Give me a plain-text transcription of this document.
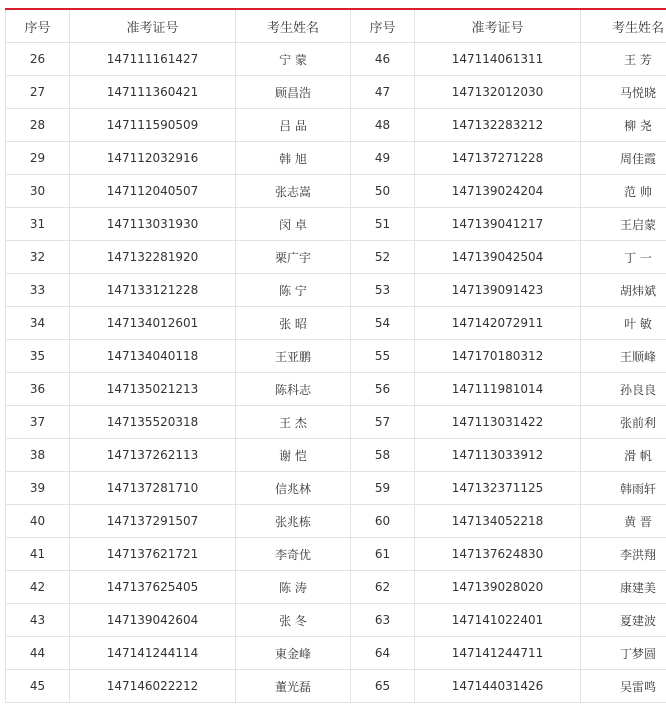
序号	准考证号	考生姓名	序号	准考证号	考生姓名
26	147111161427	宁 蒙	46	147114061311	王 芳
27	147111360421	顾昌浩	47	147132012030	马悦晓
28	147111590509	吕 品	48	147132283212	柳 尧
29	147112032916	韩 旭	49	147137271228	周佳霞
30	147112040507	张志嵩	50	147139024204	范 帅
31	147113031930	闵 卓	51	147139041217	王启蒙
32	147132281920	栗广宇	52	147139042504	丁 一
33	147133121228	陈 宁	53	147139091423	胡炜斌
34	147134012601	张 昭	54	147142072911	叶 敏
35	147134040118	王亚鹏	55	147170180312	王顺峰
36	147135021213	陈科志	56	147111981014	孙良良
37	147135520318	王 杰	57	147113031422	张前利
38	147137262113	谢 恺	58	147113033912	滑 帆
39	147137281710	信兆林	59	147132371125	韩雨轩
40	147137291507	张兆栋	60	147134052218	黄 晋
41	147137621721	李奇优	61	147137624830	李洪翔
42	147137625405	陈 涛	62	147139028020	康建美
43	147139042604	张 冬	63	147141022401	夏建波
44	147141244114	東金峰	64	147141244711	丁梦圆
45	147146022212	董光磊	65	147144031426	吴雷鸣
